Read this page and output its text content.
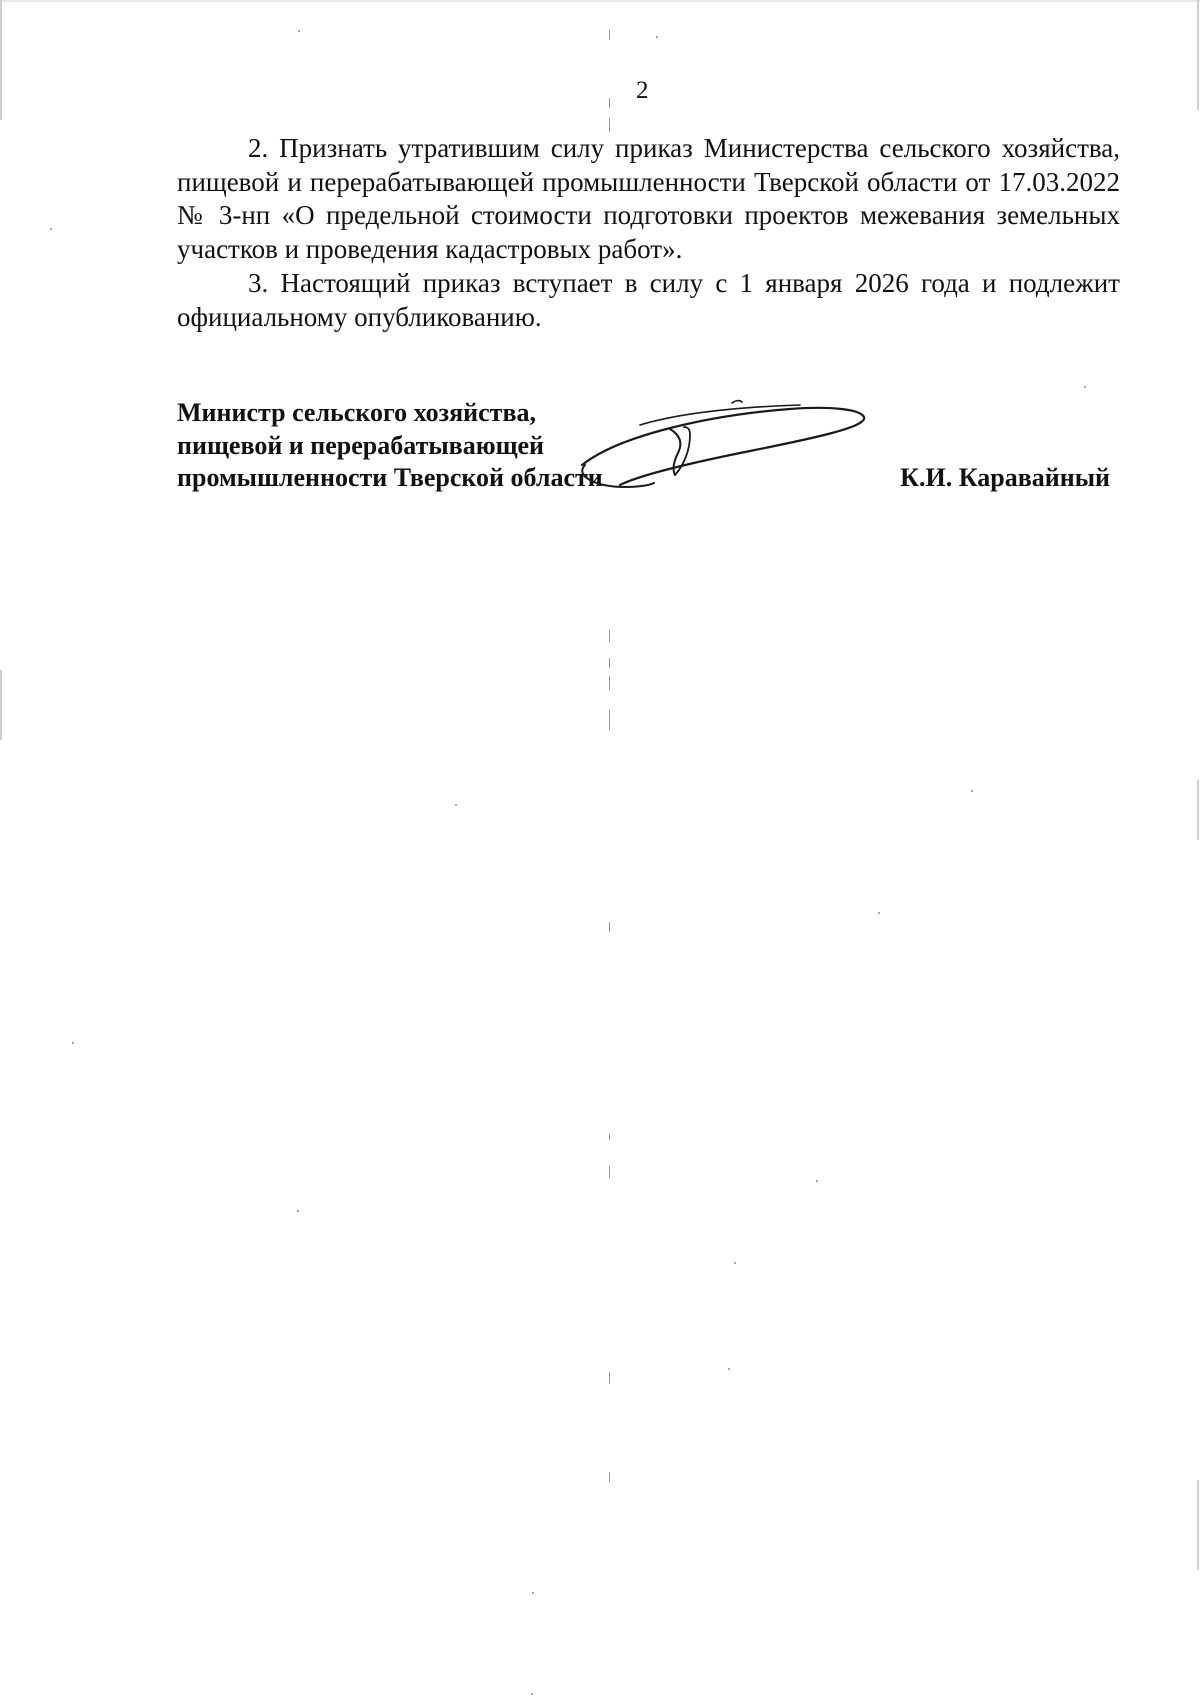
2

2. Признать утратившим силу приказ Министерства сельского хозяйства, пищевой и перерабатывающей промышленности Тверской области от 17.03.2022 № 3-нп «О предельной стоимости подготовки проектов межевания земельных участков и проведения кадастровых работ».

3. Настоящий приказ вступает в силу с 1 января 2026 года и подлежит официальному опубликованию.

Министр сельского хозяйства,
пищевой и перерабатывающей
промышленности Тверской области	К.И. Каравайный
